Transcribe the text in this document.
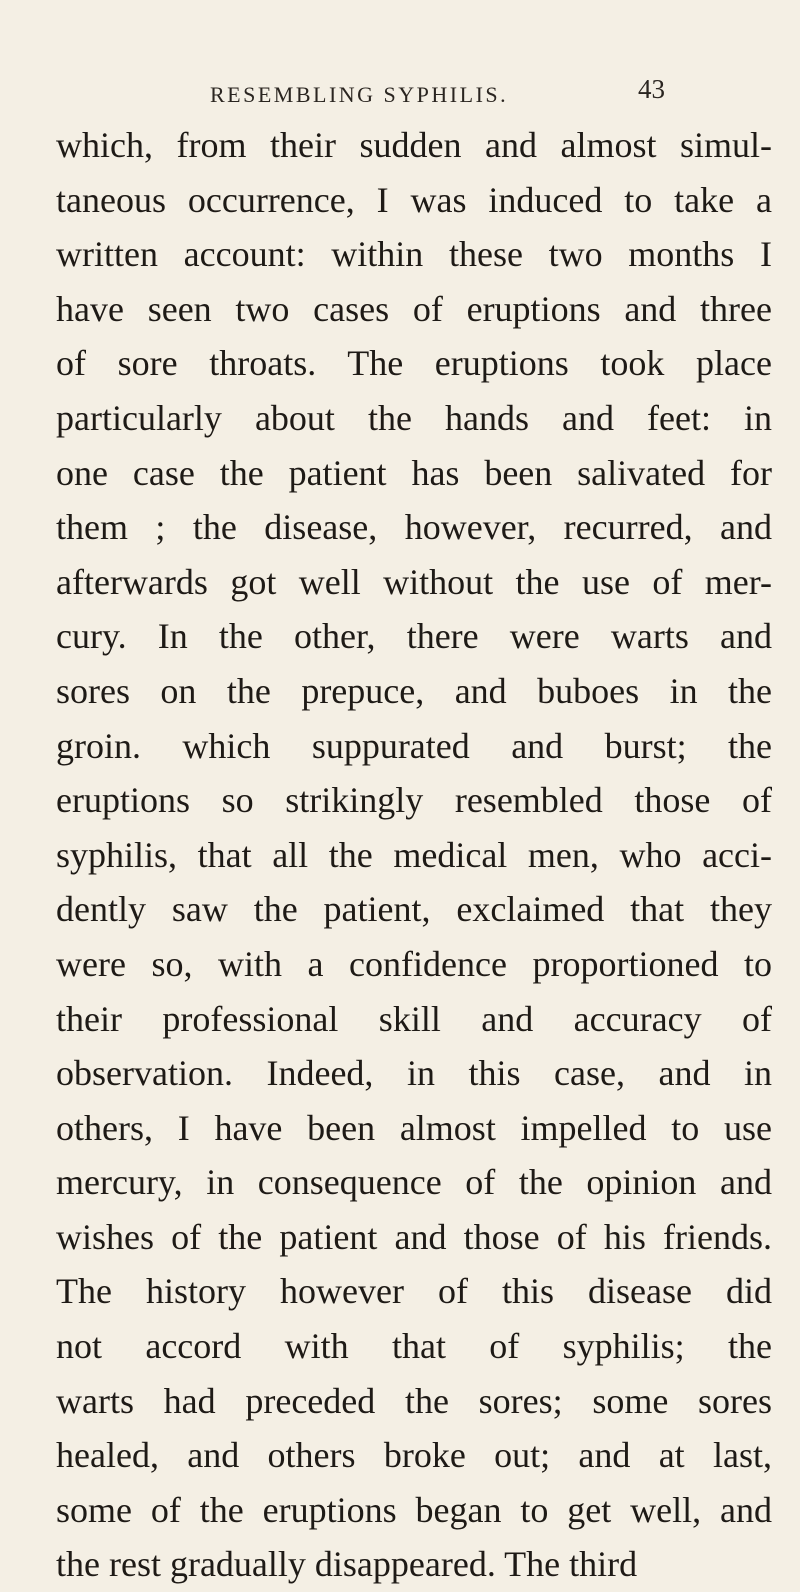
RESEMBLING SYPHILIS.	43
which, from their sudden and almost simul-
taneous occurrence, I was induced to take a
written account: within these two months I
have seen two cases of eruptions and three
of sore throats. The eruptions took place
particularly about the hands and feet: in
one case the patient has been salivated for
them ; the disease, however, recurred, and
afterwards got well without the use of mer-
cury. In the other, there were warts and
sores on the prepuce, and buboes in the
groin. which suppurated and burst; the
eruptions so strikingly resembled those of
syphilis, that all the medical men, who acci-
dently saw the patient, exclaimed that they
were so, with a confidence proportioned to
their professional skill and accuracy of
observation. Indeed, in this case, and in
others, I have been almost impelled to use
mercury, in consequence of the opinion and
wishes of the patient and those of his friends.
The history however of this disease did
not accord with that of syphilis; the
warts had preceded the sores; some sores
healed, and others broke out; and at last,
some of the eruptions began to get well, and
the rest gradually disappeared. The third
